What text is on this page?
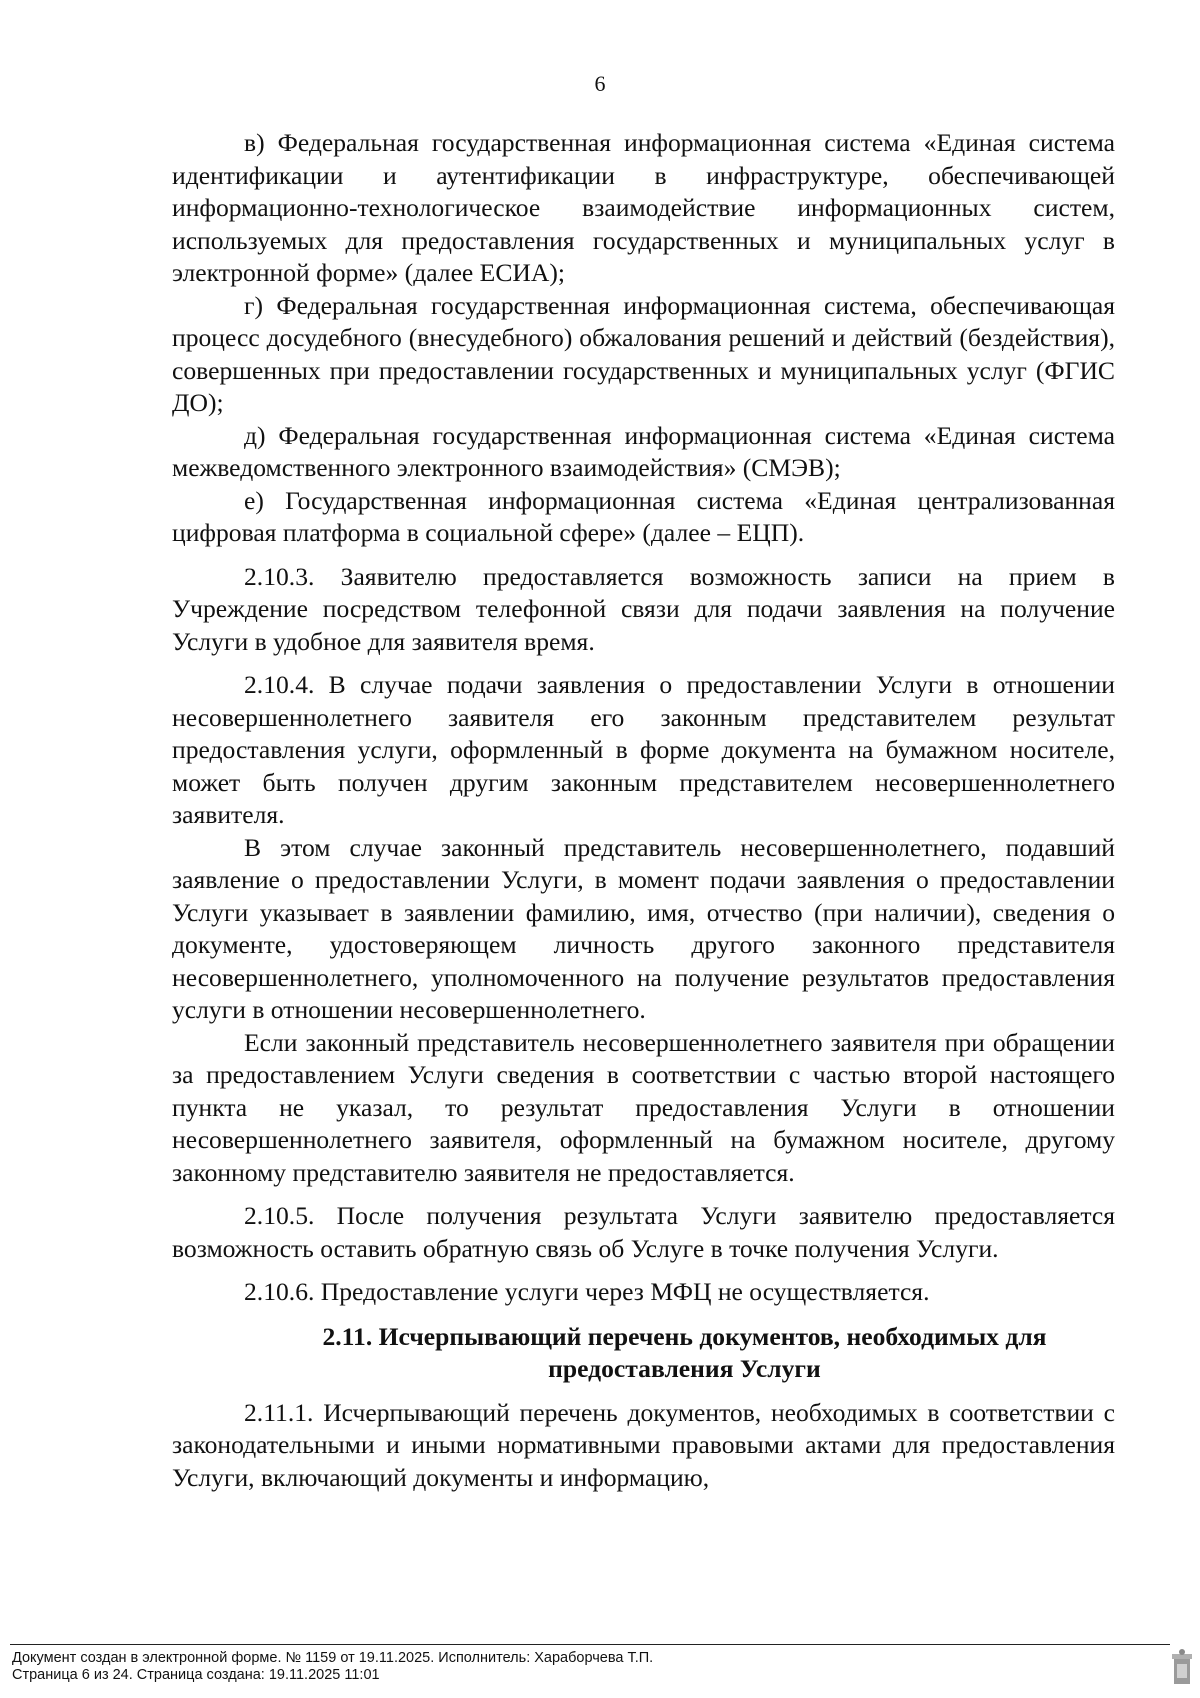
6

в) Федеральная государственная информационная система «Единая система идентификации и аутентификации в инфраструктуре, обеспечивающей информационно-технологическое взаимодействие информационных систем, используемых для предоставления государственных и муниципальных услуг в электронной форме» (далее ЕСИА);

г) Федеральная государственная информационная система, обеспечивающая процесс досудебного (внесудебного) обжалования решений и действий (бездействия), совершенных при предоставлении государственных и муниципальных услуг (ФГИС ДО);

д) Федеральная государственная информационная система «Единая система межведомственного электронного взаимодействия» (СМЭВ);

е) Государственная информационная система «Единая централизованная цифровая платформа в социальной сфере» (далее – ЕЦП).

2.10.3. Заявителю предоставляется возможность записи на прием в Учреждение посредством телефонной связи для подачи заявления на получение Услуги в удобное для заявителя время.

2.10.4. В случае подачи заявления о предоставлении Услуги в отношении несовершеннолетнего заявителя его законным представителем результат предоставления услуги, оформленный в форме документа на бумажном носителе, может быть получен другим законным представителем несовершеннолетнего заявителя.

В этом случае законный представитель несовершеннолетнего, подавший заявление о предоставлении Услуги, в момент подачи заявления о предоставлении Услуги указывает в заявлении фамилию, имя, отчество (при наличии), сведения о документе, удостоверяющем личность другого законного представителя несовершеннолетнего, уполномоченного на получение результатов предоставления услуги в отношении несовершеннолетнего.

Если законный представитель несовершеннолетнего заявителя при обращении за предоставлением Услуги сведения в соответствии с частью второй настоящего пункта не указал, то результат предоставления Услуги в отношении несовершеннолетнего заявителя, оформленный на бумажном носителе, другому законному представителю заявителя не предоставляется.

2.10.5. После получения результата Услуги заявителю предоставляется возможность оставить обратную связь об Услуге в точке получения Услуги.

2.10.6. Предоставление услуги через МФЦ не осуществляется.

2.11. Исчерпывающий перечень документов, необходимых для предоставления Услуги

2.11.1. Исчерпывающий перечень документов, необходимых в соответствии с законодательными и иными нормативными правовыми актами для предоставления Услуги, включающий документы и информацию,

Документ создан в электронной форме. № 1159 от 19.11.2025. Исполнитель: Хараборчева Т.П.
Страница 6 из 24. Страница создана: 19.11.2025 11:01
